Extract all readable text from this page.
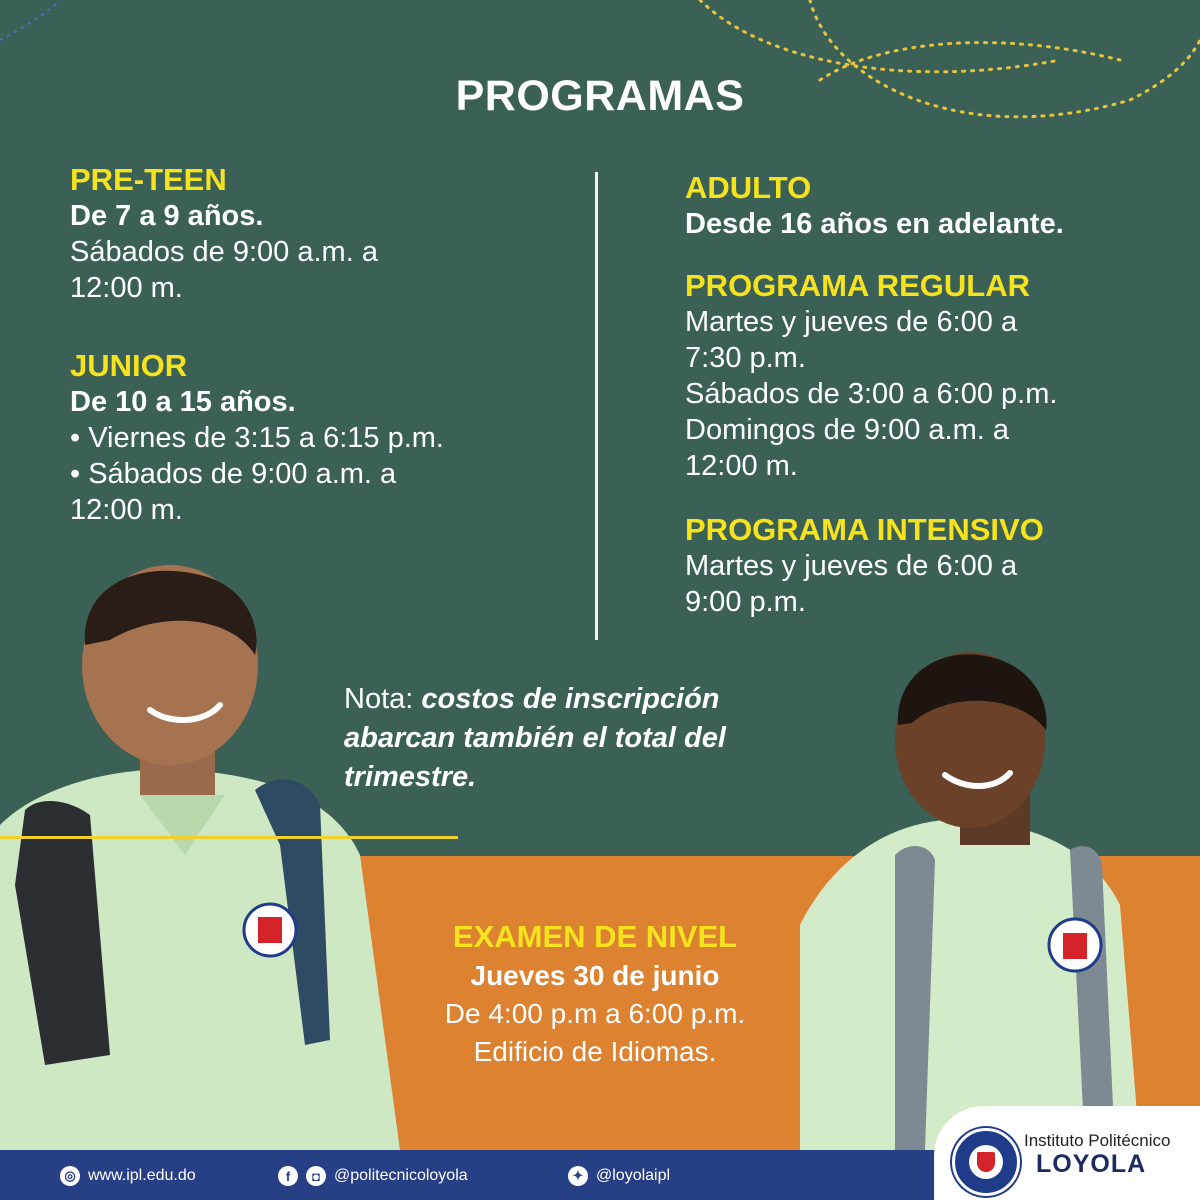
PROGRAMAS
PRE-TEEN
De 7 a 9 años.
Sábados de 9:00 a.m. a
12:00 m.
JUNIOR
De 10 a 15 años.
• Viernes de 3:15 a 6:15 p.m.
• Sábados de 9:00 a.m. a
12:00 m.
ADULTO
Desde 16 años en adelante.
PROGRAMA REGULAR
Martes y jueves de 6:00 a
7:30 p.m.
Sábados de 3:00 a 6:00 p.m.
Domingos de 9:00 a.m. a
12:00 m.
PROGRAMA INTENSIVO
Martes y jueves de 6:00 a
9:00 p.m.
Nota: costos de inscripción abarcan también el total del trimestre.
EXAMEN DE NIVEL
Jueves 30 de junio
De 4:00 p.m a 6:00 p.m.
Edificio de Idiomas.
Instituto Politécnico
LOYOLA
◎ www.ipl.edu.do	f	◘ @politecnicoloyola	✦ @loyolaipl
